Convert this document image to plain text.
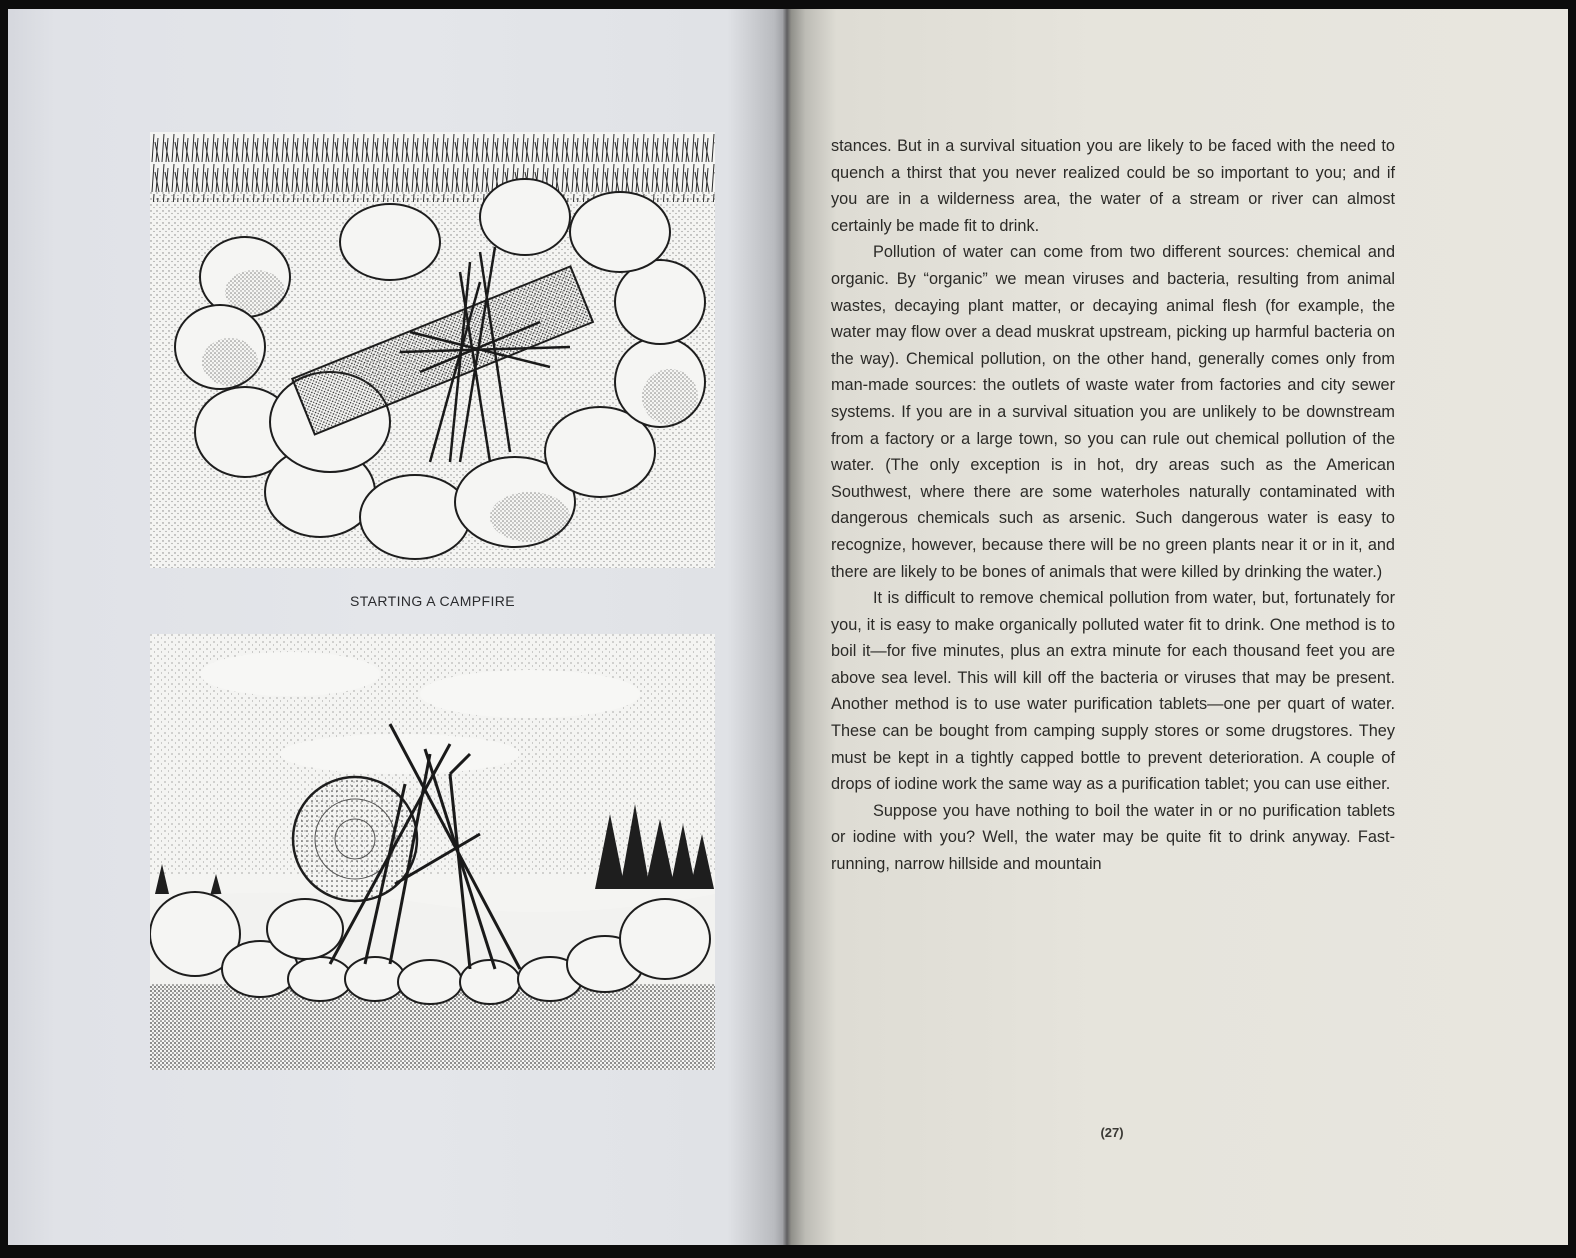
STARTING A CAMPFIRE

stances. But in a survival situation you are likely to be faced with the need to quench a thirst that you never realized could be so important to you; and if you are in a wilderness area, the water of a stream or river can almost certainly be made fit to drink.

Pollution of water can come from two different sources: chemical and organic. By “organic” we mean viruses and bacteria, resulting from animal wastes, decaying plant matter, or decaying animal flesh (for example, the water may flow over a dead muskrat upstream, picking up harmful bacteria on the way). Chemical pollution, on the other hand, generally comes only from man-made sources: the outlets of waste water from factories and city sewer systems. If you are in a survival situation you are unlikely to be downstream from a factory or a large town, so you can rule out chemical pollution of the water. (The only exception is in hot, dry areas such as the American Southwest, where there are some waterholes naturally contaminated with dangerous chemicals such as arsenic. Such dangerous water is easy to recognize, however, because there will be no green plants near it or in it, and there are likely to be bones of animals that were killed by drinking the water.)

It is difficult to remove chemical pollution from water, but, fortunately for you, it is easy to make organically polluted water fit to drink. One method is to boil it—for five minutes, plus an extra minute for each thousand feet you are above sea level. This will kill off the bacteria or viruses that may be present. Another method is to use water purification tablets—one per quart of water. These can be bought from camping supply stores or some drugstores. They must be kept in a tightly capped bottle to prevent deterioration. A couple of drops of iodine work the same way as a purification tablet; you can use either.

Suppose you have nothing to boil the water in or no purification tablets or iodine with you? Well, the water may be quite fit to drink anyway. Fast-running, narrow hillside and mountain

(27)
